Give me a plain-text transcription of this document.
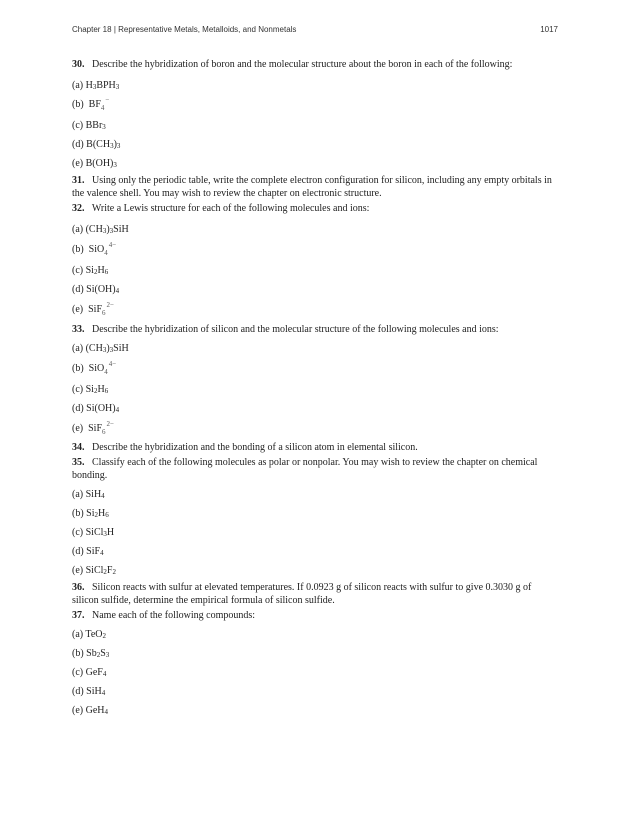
Chapter 18 | Representative Metals, Metalloids, and Nonmetals	1017

30. Describe the hybridization of boron and the molecular structure about the boron in each of the following:

(a) $H_3BPH_3$

(b) $BF_4^-$

(c) BBr$_3$

(d) $B(CH_3)_3$

(e) $B(OH)_3$

31. Using only the periodic table, write the complete electron configuration for silicon, including any empty orbitals in the valence shell. You may wish to review the chapter on electronic structure.

32. Write a Lewis structure for each of the following molecules and ions:

(a) $(CH_3)_3SiH$

(b) SiO$_4^{4-}$

(c) $Si_2H_6$

(d) $Si(OH)_4$

(e) SiF$_6^{2-}$

33. Describe the hybridization of silicon and the molecular structure of the following molecules and ions:

(a) $(CH_3)_3SiH$

(b) SiO$_4^{4-}$

(c) $Si_2H_6$

(d) $Si(OH)_4$

(e) SiF$_6^{2-}$

34. Describe the hybridization and the bonding of a silicon atom in elemental silicon.

35. Classify each of the following molecules as polar or nonpolar. You may wish to review the chapter on chemical bonding.

(a) SiH$_4$

(b) $Si_2H_6$

(c) SiCl$_3$H

(d) SiF$_4$

(e) $SiCl_2F_2$

36. Silicon reacts with sulfur at elevated temperatures. If 0.0923 g of silicon reacts with sulfur to give 0.3030 g of silicon sulfide, determine the empirical formula of silicon sulfide.

37. Name each of the following compounds:

(a) TeO$_2$

(b) $Sb_2S_3$

(c) GeF$_4$

(d) SiH$_4$

(e) GeH$_4$
